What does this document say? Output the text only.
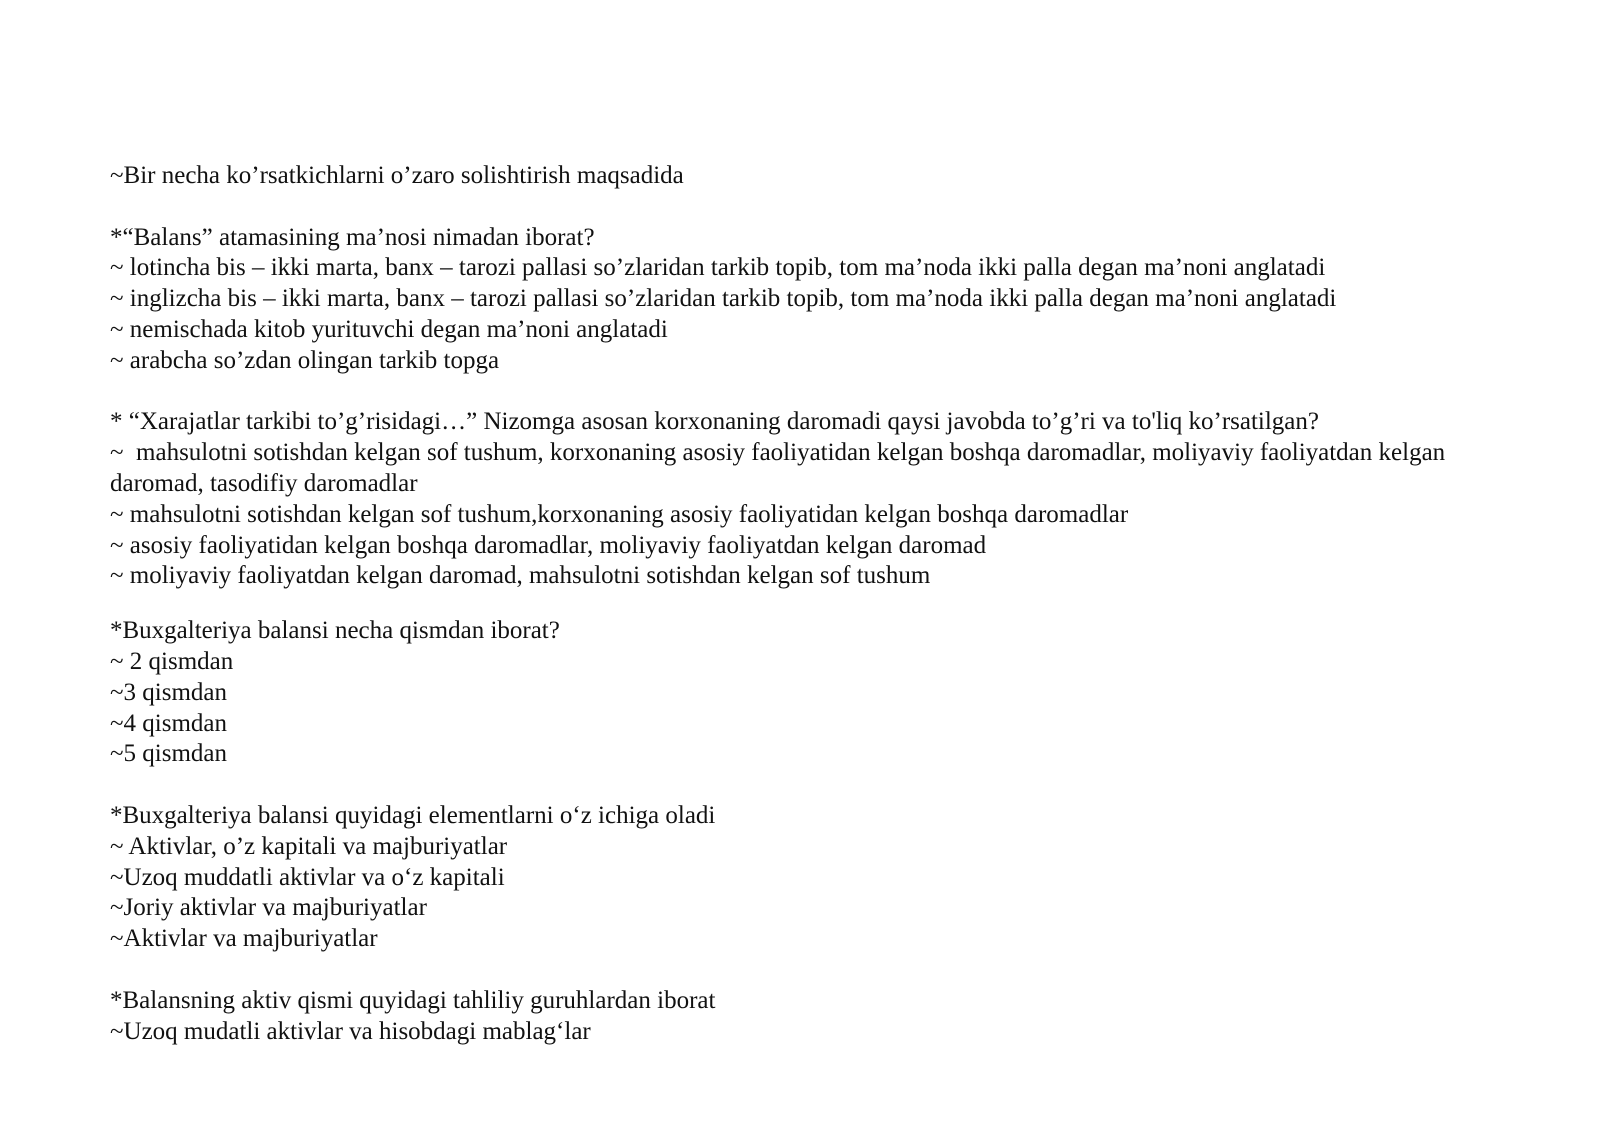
~Bir necha ko’rsatkichlarni o’zaro solishtirish maqsadida

*“Balans” atamasining ma’nosi nimadan iborat?

~ lotincha bis – ikki marta, banx – tarozi pallasi so’zlaridan tarkib topib, tom ma’noda ikki palla degan ma’noni anglatadi

~ inglizcha bis – ikki marta, banx – tarozi pallasi so’zlaridan tarkib topib, tom ma’noda ikki palla degan ma’noni anglatadi

~ nemischada kitob yurituvchi degan ma’noni anglatadi

~ arabcha so’zdan olingan tarkib topga

* “Xarajatlar tarkibi to’g’risidagi…” Nizomga asosan korxonaning daromadi qaysi javobda to’g’ri va to'liq ko’rsatilgan?

~  mahsulotni sotishdan kelgan sof tushum, korxonaning asosiy faoliyatidan kelgan boshqa daromadlar, moliyaviy faoliyatdan kelgan daromad, tasodifiy daromadlar

~ mahsulotni sotishdan kelgan sof tushum,korxonaning asosiy faoliyatidan kelgan boshqa daromadlar

~ asosiy faoliyatidan kelgan boshqa daromadlar, moliyaviy faoliyatdan kelgan daromad

~ moliyaviy faoliyatdan kelgan daromad, mahsulotni sotishdan kelgan sof tushum

*Buxgalteriya balansi necha qismdan iborat?

~ 2 qismdan

~3 qismdan

~4 qismdan

~5 qismdan

*Buxgalteriya balansi quyidagi elementlarni o‘z ichiga oladi

~ Aktivlar, o’z kapitali va majburiyatlar

~Uzoq muddatli aktivlar va o‘z kapitali

~Joriy aktivlar va majburiyatlar

~Aktivlar va majburiyatlar

*Balansning aktiv qismi quyidagi tahliliy guruhlardan iborat

~Uzoq mudatli aktivlar va hisobdagi mablag‘lar
